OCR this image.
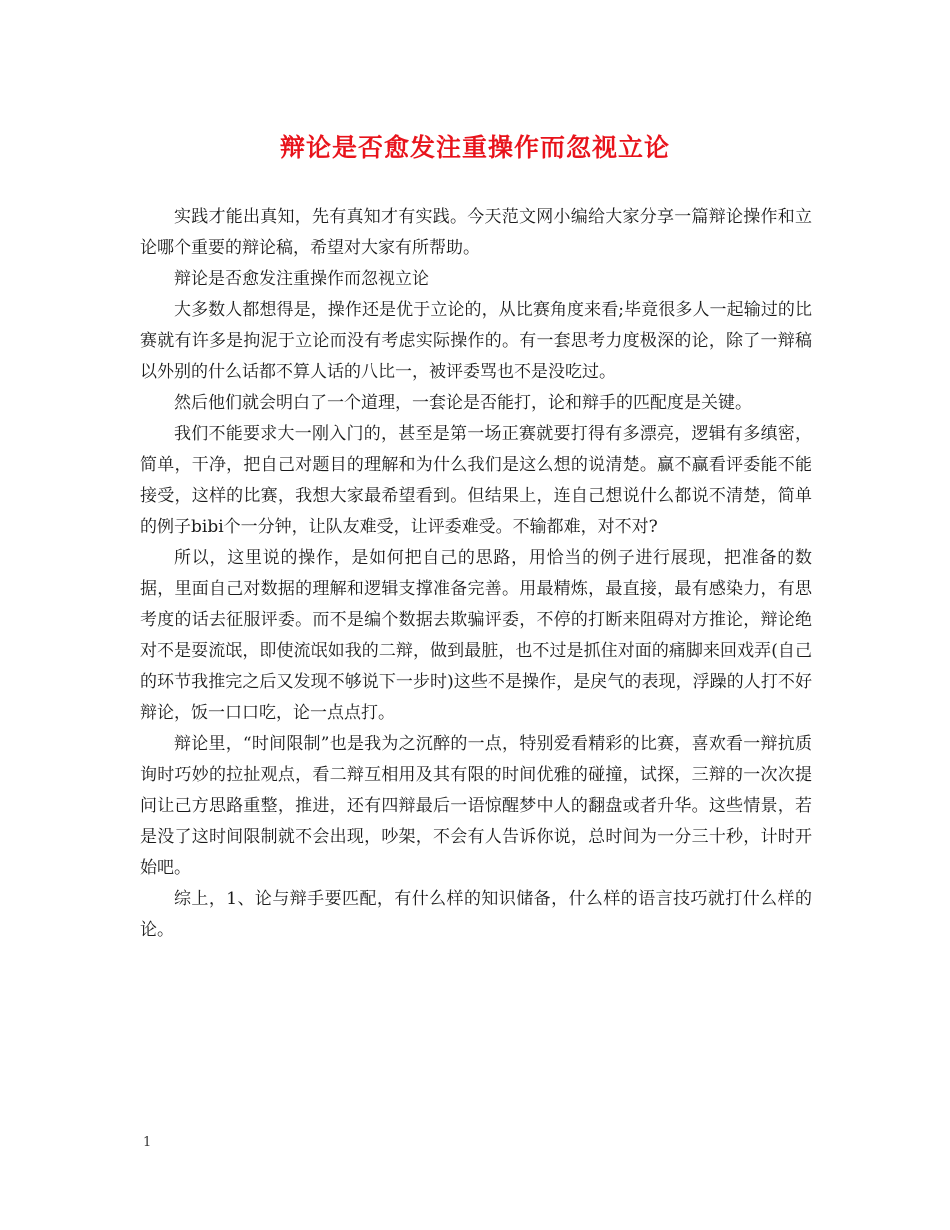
辩论是否愈发注重操作而忽视立论

实践才能出真知，先有真知才有实践。今天范文网小编给大家分享一篇辩论操作和立论哪个重要的辩论稿，希望对大家有所帮助。

辩论是否愈发注重操作而忽视立论

大多数人都想得是，操作还是优于立论的，从比赛角度来看;毕竟很多人一起输过的比赛就有许多是拘泥于立论而没有考虑实际操作的。有一套思考力度极深的论，除了一辩稿以外别的什么话都不算人话的八比一，被评委骂也不是没吃过。

然后他们就会明白了一个道理，一套论是否能打，论和辩手的匹配度是关键。

我们不能要求大一刚入门的，甚至是第一场正赛就要打得有多漂亮，逻辑有多缜密，简单，干净，把自己对题目的理解和为什么我们是这么想的说清楚。赢不赢看评委能不能接受，这样的比赛，我想大家最希望看到。但结果上，连自己想说什么都说不清楚，简单的例子bibi个一分钟，让队友难受，让评委难受。不输都难，对不对?

所以，这里说的操作，是如何把自己的思路，用恰当的例子进行展现，把准备的数据，里面自己对数据的理解和逻辑支撑准备完善。用最精炼，最直接，最有感染力，有思考度的话去征服评委。而不是编个数据去欺骗评委，不停的打断来阻碍对方推论，辩论绝对不是耍流氓，即使流氓如我的二辩，做到最脏，也不过是抓住对面的痛脚来回戏弄(自己的环节我推完之后又发现不够说下一步时)这些不是操作，是戾气的表现，浮躁的人打不好辩论，饭一口口吃，论一点点打。

辩论里，“时间限制”也是我为之沉醉的一点，特别爱看精彩的比赛，喜欢看一辩抗质询时巧妙的拉扯观点，看二辩互相用及其有限的时间优雅的碰撞，试探，三辩的一次次提问让己方思路重整，推进，还有四辩最后一语惊醒梦中人的翻盘或者升华。这些情景，若是没了这时间限制就不会出现，吵架，不会有人告诉你说，总时间为一分三十秒，计时开始吧。

综上，1、论与辩手要匹配，有什么样的知识储备，什么样的语言技巧就打什么样的论。

1
